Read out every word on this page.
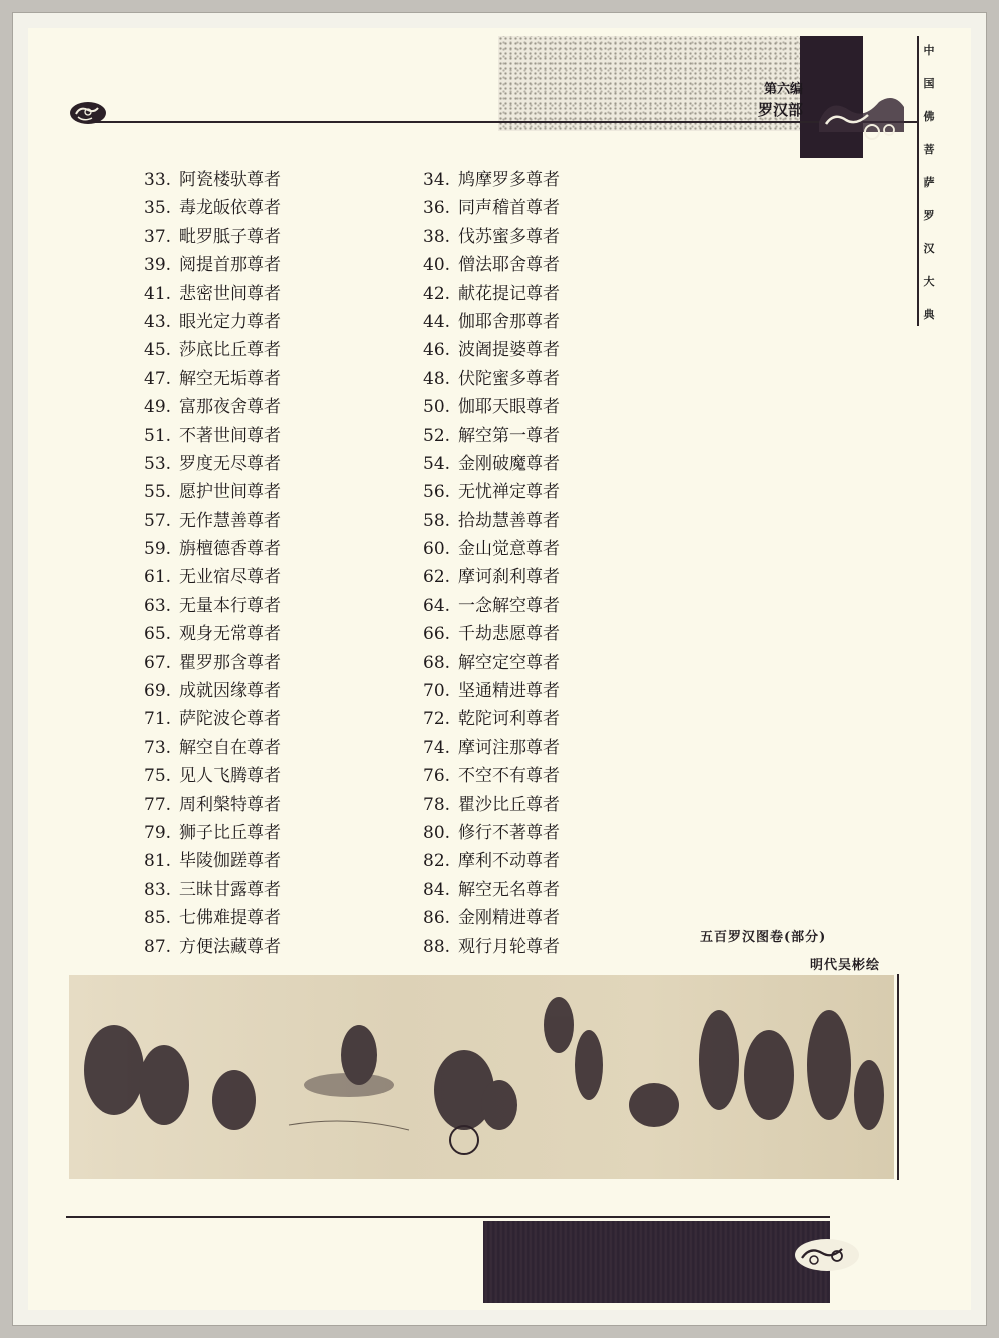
第六编
罗汉部
中
国
佛
菩
萨
罗
汉
大
典
33. 阿瓷楼驮尊者
35. 毒龙皈依尊者
37. 毗罗胝子尊者
39. 阅提首那尊者
41. 悲密世间尊者
43. 眼光定力尊者
45. 莎底比丘尊者
47. 解空无垢尊者
49. 富那夜舍尊者
51. 不著世间尊者
53. 罗度无尽尊者
55. 愿护世间尊者
57. 无作慧善尊者
59. 旃檀德香尊者
61. 无业宿尽尊者
63. 无量本行尊者
65. 观身无常尊者
67. 瞿罗那含尊者
69. 成就因缘尊者
71. 萨陀波仑尊者
73. 解空自在尊者
75. 见人飞腾尊者
77. 周利槃特尊者
79. 狮子比丘尊者
81. 毕陵伽蹉尊者
83. 三昧甘露尊者
85. 七佛难提尊者
87. 方便法藏尊者
34. 鸠摩罗多尊者
36. 同声稽首尊者
38. 伐苏蜜多尊者
40. 僧法耶舍尊者
42. 献花提记尊者
44. 伽耶舍那尊者
46. 波阇提婆尊者
48. 伏陀蜜多尊者
50. 伽耶天眼尊者
52. 解空第一尊者
54. 金刚破魔尊者
56. 无忧禅定尊者
58. 拾劫慧善尊者
60. 金山觉意尊者
62. 摩诃刹利尊者
64. 一念解空尊者
66. 千劫悲愿尊者
68. 解空定空尊者
70. 坚通精进尊者
72. 乾陀诃利尊者
74. 摩诃注那尊者
76. 不空不有尊者
78. 瞿沙比丘尊者
80. 修行不著尊者
82. 摩利不动尊者
84. 解空无名尊者
86. 金刚精进尊者
88. 观行月轮尊者	五百罗汉图卷(部分)
明代吴彬绘
